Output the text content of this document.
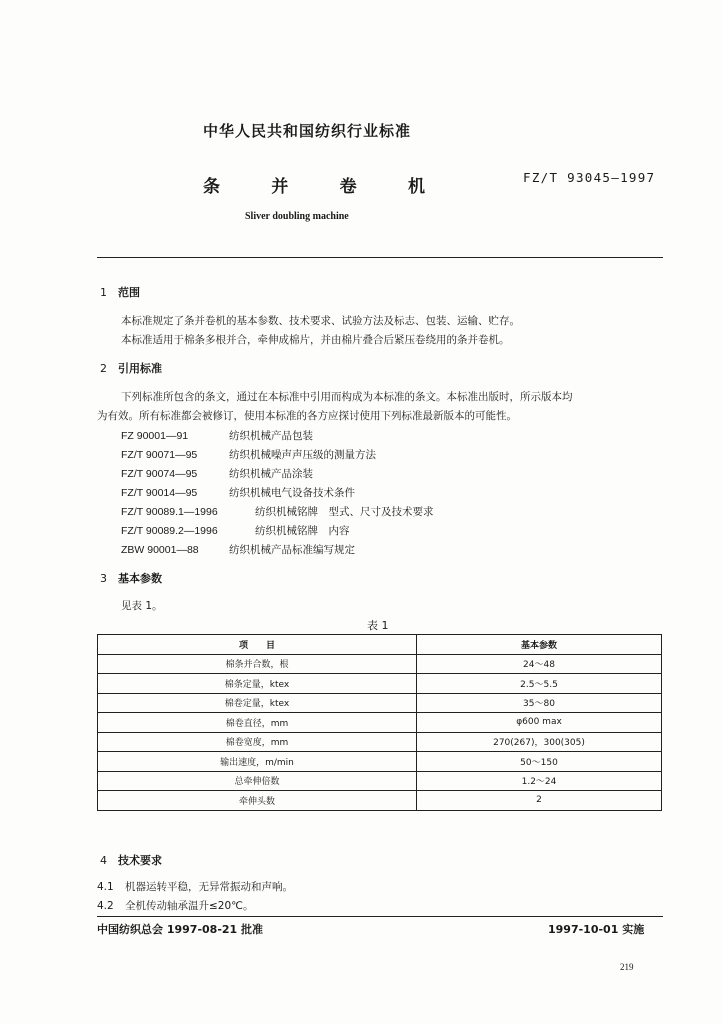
中华人民共和国纺织行业标准
条	并	卷	机	FZ/T 93045—1997
Sliver doubling machine
1 范围
本标准规定了条并卷机的基本参数、技术要求、试验方法及标志、包装、运输、贮存。
本标准适用于棉条多根并合，牵伸成棉片，并由棉片叠合后紧压卷绕用的条并卷机。
2 引用标准
下列标准所包含的条文，通过在本标准中引用而构成为本标准的条文。本标准出版时，所示版本均
为有效。所有标准都会被修订，使用本标准的各方应探讨使用下列标准最新版本的可能性。
FZ 90001—91	纺织机械产品包装
FZ/T 90071—95	纺织机械噪声声压级的测量方法
FZ/T 90074—95	纺织机械产品涂装
FZ/T 90014—95	纺织机械电气设备技术条件
FZ/T 90089.1—1996	纺织机械铭牌　型式、尺寸及技术要求
FZ/T 90089.2—1996	纺织机械铭牌　内容
ZBW 90001—88	纺织机械产品标准编写规定
3 基本参数
见表 1。
表 1
项　　目	基本参数
棉条并合数，根	24～48
棉条定量，ktex	2.5～5.5
棉卷定量，ktex	35～80
棉卷直径，mm	φ600 max
棉卷宽度，mm	270(267)，300(305)
输出速度，m/min	50～150
总牵伸倍数	1.2～24
牵伸头数	2
4 技术要求
4.1 机器运转平稳，无异常振动和声响。
4.2 全机传动轴承温升≤20℃。
中国纺织总会 1997-08-21 批准	1997-10-01 实施
219
